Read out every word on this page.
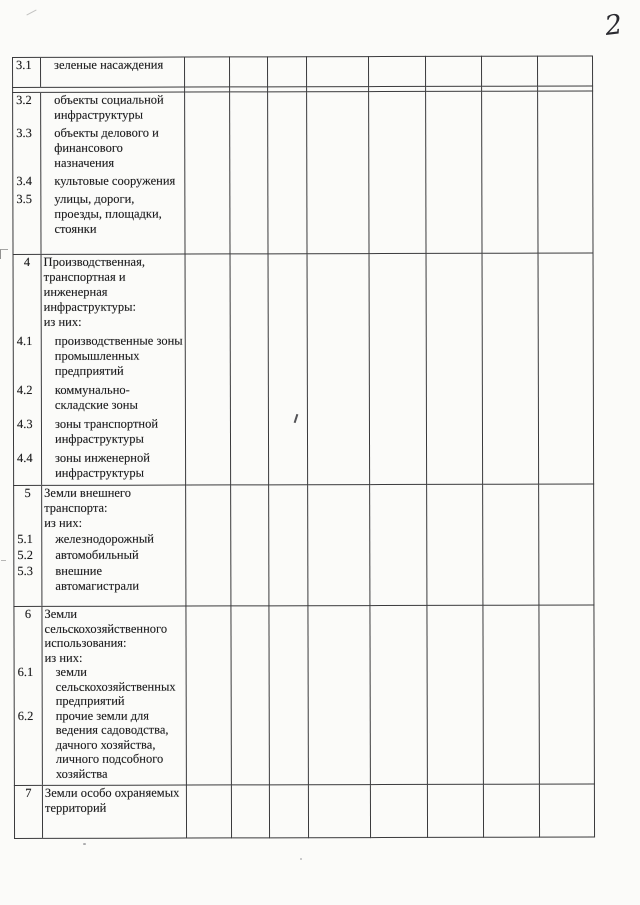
2
3.1 зеленые насаждения								

3.2	объекты социальной инфраструктуры
3.3	объекты делового и финансового назначения
3.4	культовые сооружения
3.5	улицы, дороги, проезды, площадки, стоянки

4	Производственная, транспортная и инженерная инфраструктуры:
из них:
4.1	производственные зоны промышленных предприятий
4.2	коммунально-складские зоны
4.3	зоны транспортной инфраструктуры
4.4	зоны инженерной инфраструктуры

5	Земли внешнего транспорта:
из них:
5.1	железнодорожный
5.2	автомобильный
5.3	внешние автомагистрали

6	Земли сельскохозяйственного использования:
из них:
6.1	земли сельскохозяйственных предприятий
6.2	прочие земли для ведения садоводства, дачного хозяйства, личного подсобного хозяйства

7 Земли особо охраняемых территорий								
